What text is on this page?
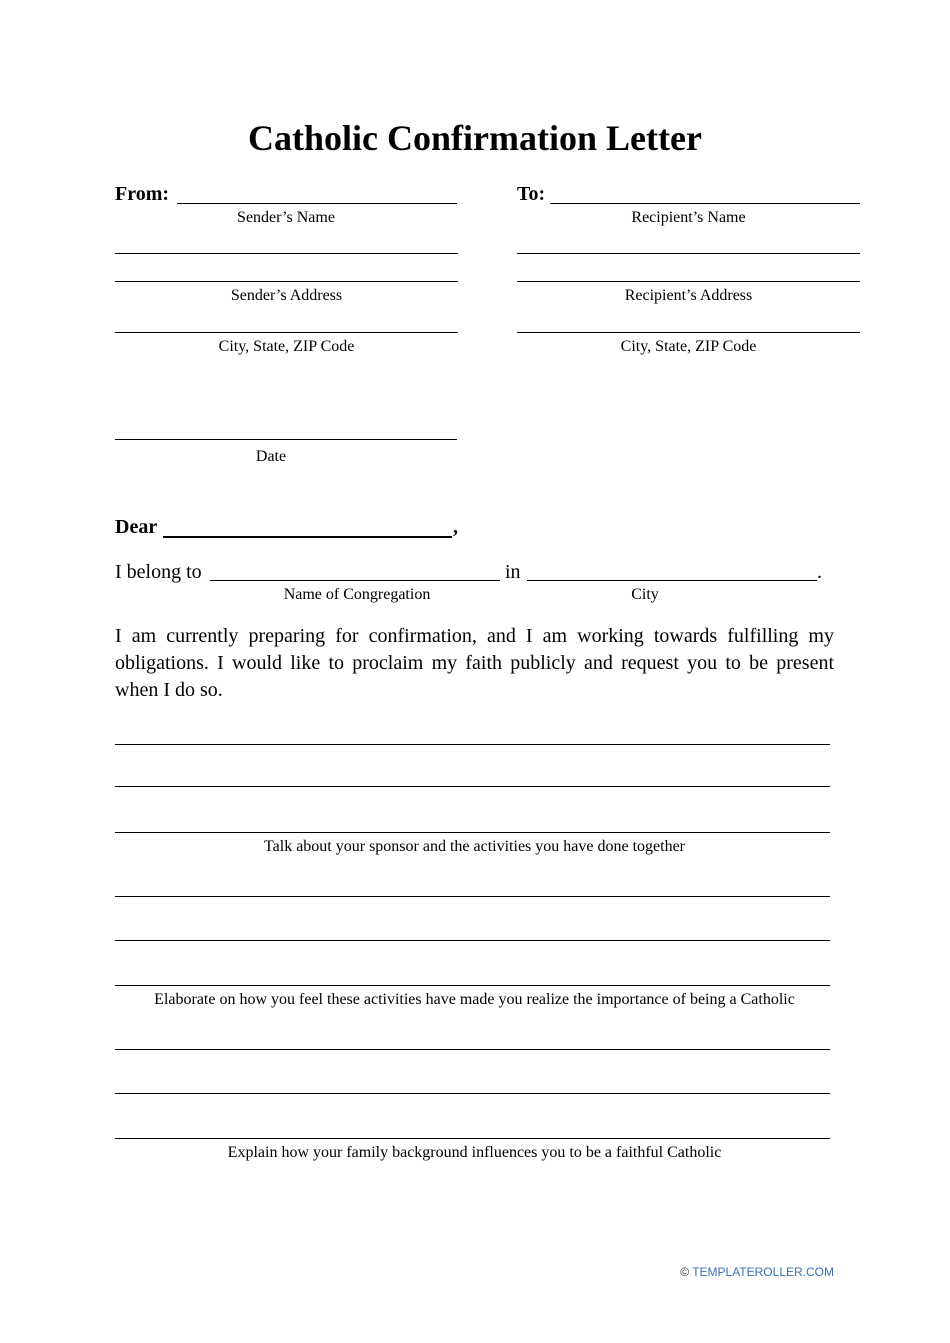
Catholic Confirmation Letter
From:
Sender’s Name
Sender’s Address
City, State, ZIP Code
To:
Recipient’s Name
Recipient’s Address
City, State, ZIP Code
Date
Dear	,
I belong to	in	.
Name of Congregation	City
I am currently preparing for confirmation, and I am working towards fulfilling my obligations. I would like to proclaim my faith publicly and request you to be present when I do so.
Talk about your sponsor and the activities you have done together
Elaborate on how you feel these activities have made you realize the importance of being a Catholic
Explain how your family background influences you to be a faithful Catholic
© TEMPLATEROLLER.COM
